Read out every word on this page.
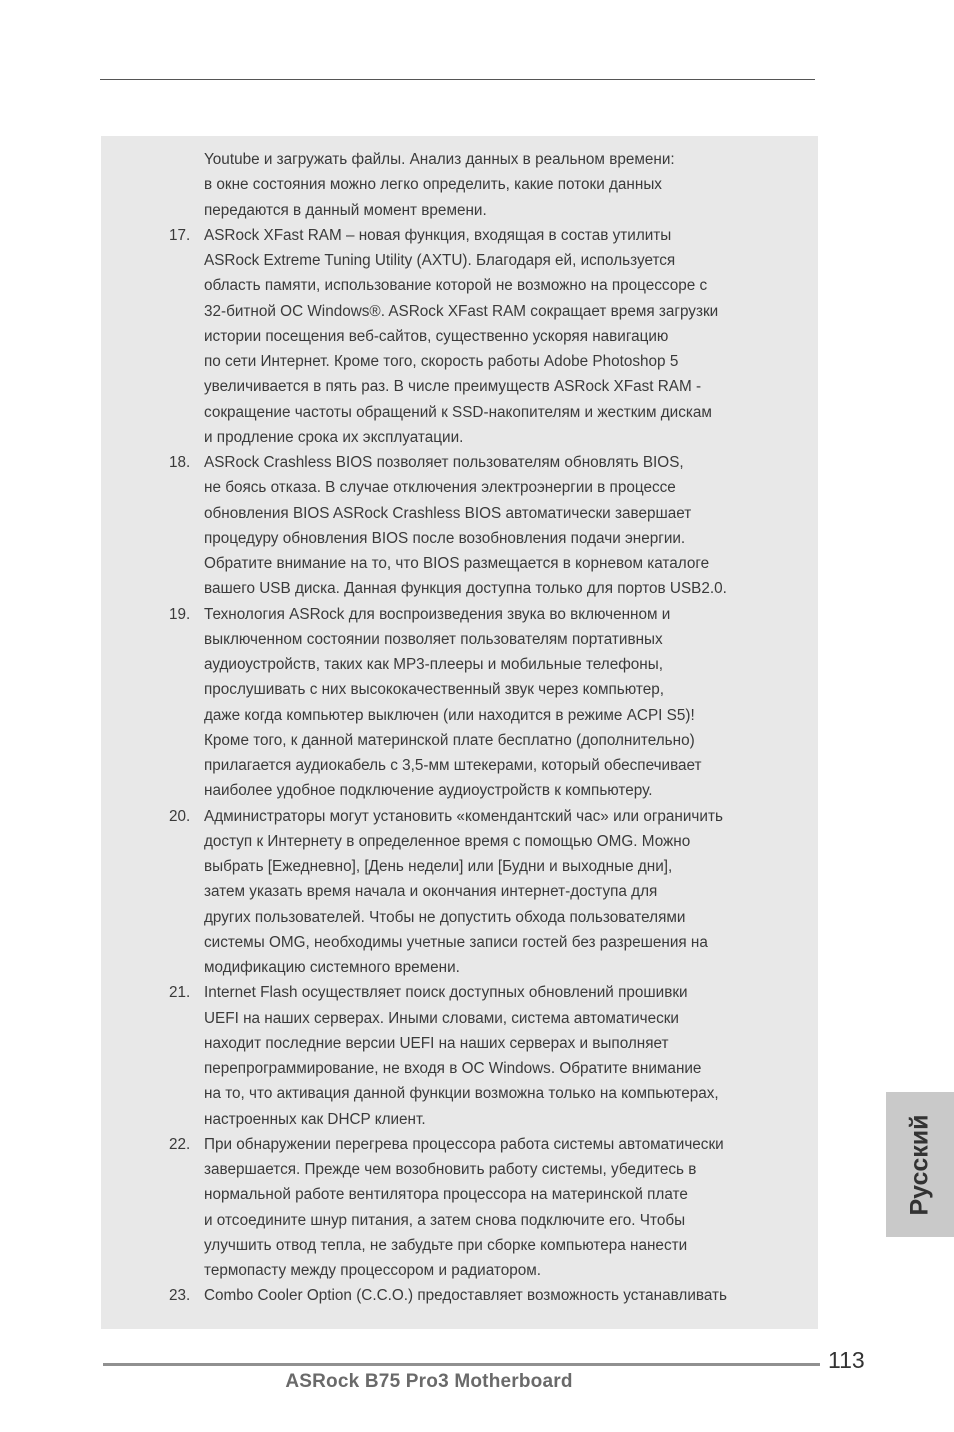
Youtube и загружать файлы. Анализ данных в реальном времени:
в окне состояния можно легко определить, какие потоки данных
передаются в данный момент времени.
17. ASRock XFast RAM – новая функция, входящая в состав утилиты
ASRock Extreme Tuning Utility (AXTU). Благодаря ей, используется
область памяти, использование которой не возможно на процессоре с
32-битной ОС Windows®. ASRock XFast RAM сокращает время загрузки
истории посещения веб-сайтов, существенно ускоряя навигацию
по сети Интернет. Кроме того, скорость работы Adobe Photoshop 5
увеличивается в пять раз. В числе преимуществ ASRock XFast RAM -
сокращение частоты обращений к SSD-накопителям и жестким дискам
и продление срока их эксплуатации.
18. ASRock Crashless BIOS позволяет пользователям обновлять BIOS,
не боясь отказа. В случае отключения электроэнергии в процессе
обновления BIOS ASRock Crashless BIOS автоматически завершает
процедуру обновления BIOS после возобновления подачи энергии.
Обратите внимание на то, что BIOS размещается в корневом каталоге
вашего USB диска. Данная функция доступна только для портов USB2.0.
19. Технология ASRock для воспроизведения звука во включенном и
выключенном состоянии позволяет пользователям портативных
аудиоустройств, таких как MP3-плееры и мобильные телефоны,
прослушивать с них высококачественный звук через компьютер,
даже когда компьютер выключен (или находится в режиме ACPI S5)!
Кроме того, к данной материнской плате бесплатно (дополнительно)
прилагается аудиокабель с 3,5-мм штекерами, который обеспечивает
наиболее удобное подключение аудиоустройств к компьютеру.
20. Администраторы могут установить «комендантский час» или ограничить
доступ к Интернету в определенное время с помощью OMG. Можно
выбрать [Ежедневно], [День недели] или [Будни и выходные дни],
затем указать время начала и окончания интернет-доступа для
других пользователей. Чтобы не допустить обхода пользователями
системы OMG, необходимы учетные записи гостей без разрешения на
модификацию системного времени.
21. Internet Flash осуществляет поиск доступных обновлений прошивки
UEFI на наших серверах. Иными словами, система автоматически
находит последние версии UEFI на наших серверах и выполняет
перепрограммирование, не входя в ОС Windows. Обратите внимание
на то, что активация данной функции возможна только на компьютерах,
настроенных как DHCP клиент.
22. При обнаружении перегрева процессора работа системы автоматически
завершается. Прежде чем возобновить работу системы, убедитесь в
нормальной работе вентилятора процессора на материнской плате
и отсоедините шнур питания, а затем снова подключите его. Чтобы
улучшить отвод тепла, не забудьте при сборке компьютера нанести
термопасту между процессором и радиатором.
23. Combo Cooler Option (C.C.O.) предоставляет возможность устанавливать
Русский
113
ASRock B75 Pro3 Motherboard
